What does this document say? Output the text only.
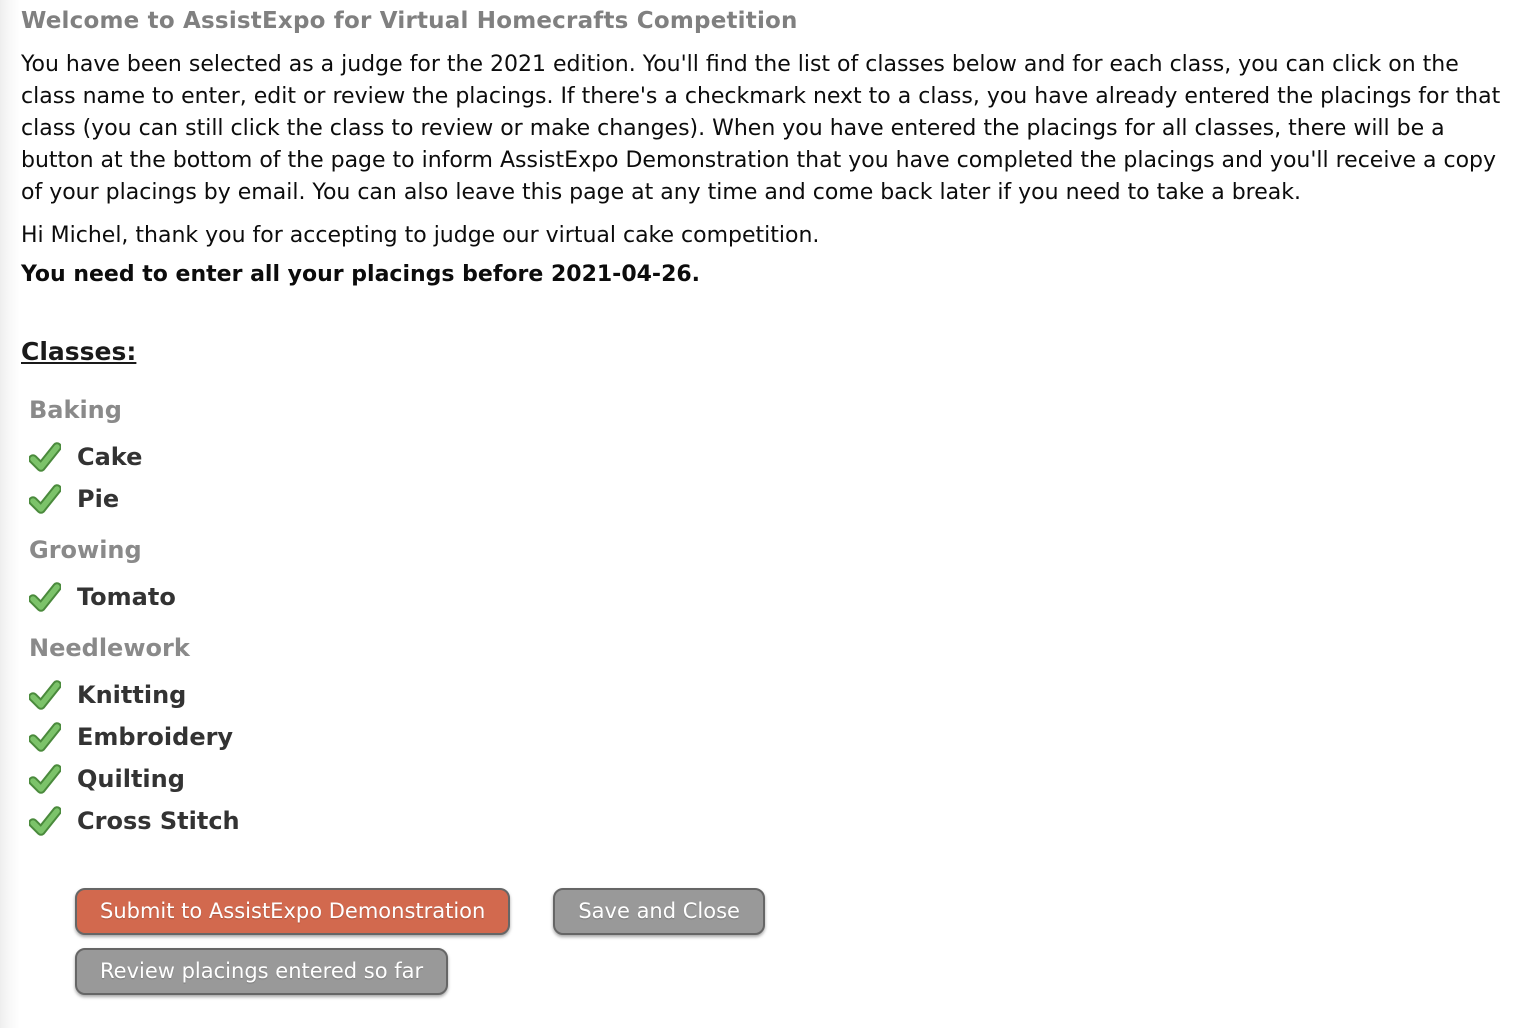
Welcome to AssistExpo for Virtual Homecrafts Competition

You have been selected as a judge for the 2021 edition. You'll find the list of classes below and for each class, you can click on the class name to enter, edit or review the placings. If there's a checkmark next to a class, you have already entered the placings for that class (you can still click the class to review or make changes). When you have entered the placings for all classes, there will be a button at the bottom of the page to inform AssistExpo Demonstration that you have completed the placings and you'll receive a copy of your placings by email. You can also leave this page at any time and come back later if you need to take a break.

Hi Michel, thank you for accepting to judge our virtual cake competition.

You need to enter all your placings before 2021-04-26.

Classes:
Baking
Cake
Pie
Growing
Tomato
Needlework
Knitting
Embroidery
Quilting
Cross Stitch
Submit to AssistExpo Demonstration	Save and Close
Review placings entered so far
